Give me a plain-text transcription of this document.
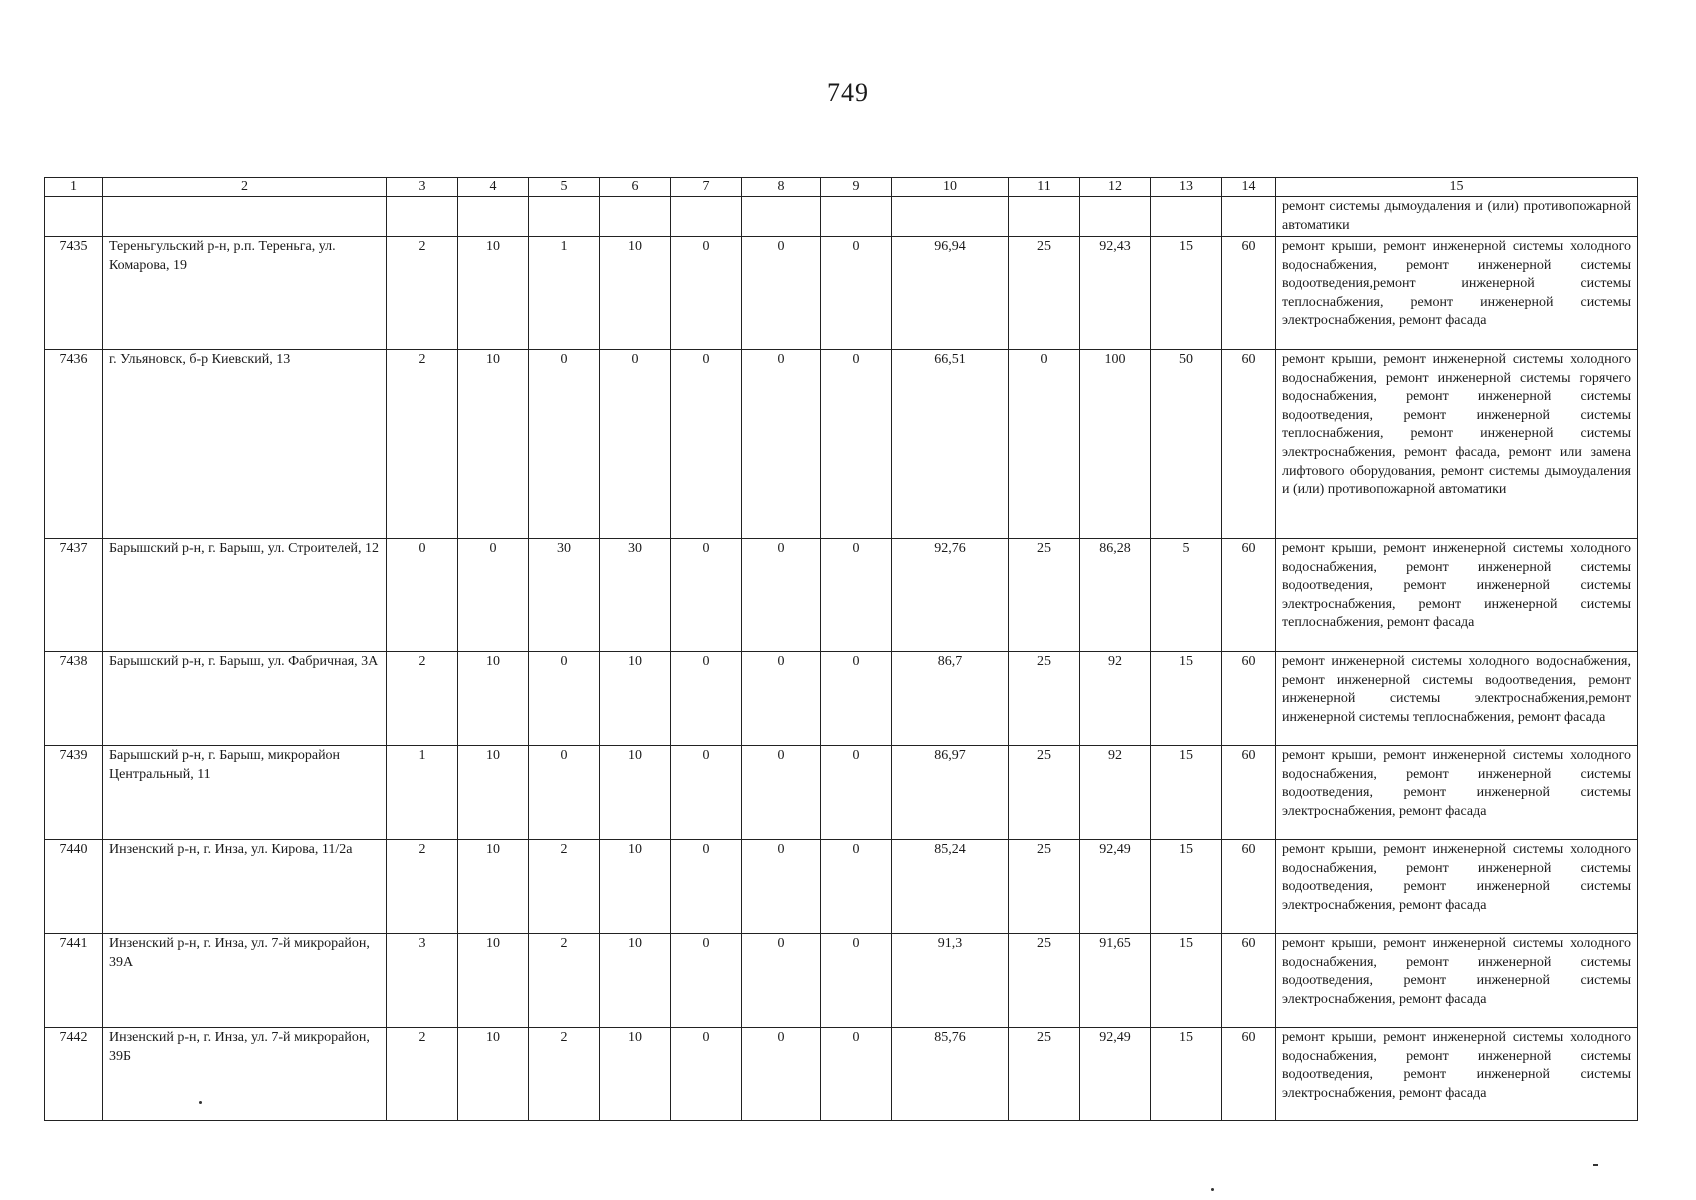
749
1	2	3	4	5	6	7	8	9	10	11	12	13	14	15
														ремонт системы дымоудаления и (или) противопожарной автоматики
7435	Тереньгульский р-н, р.п. Тереньга, ул. Комарова, 19	2	10	1	10	0	0	0	96,94	25	92,43	15	60	ремонт крыши, ремонт инженерной системы холодного водоснабжения, ремонт инженерной системы водоотведения,ремонт инженерной системы теплоснабжения, ремонт инженерной системы электроснабжения, ремонт фасада
7436	г. Ульяновск, б-р Киевский, 13	2	10	0	0	0	0	0	66,51	0	100	50	60	ремонт крыши, ремонт инженерной системы холодного водоснабжения, ремонт инженерной системы горячего водоснабжения, ремонт инженерной системы водоотведения, ремонт инженерной системы теплоснабжения, ремонт инженерной системы электроснабжения, ремонт фасада, ремонт или замена лифтового оборудования, ремонт системы дымоудаления и (или) противопожарной автоматики
7437	Барышский р-н, г. Барыш, ул. Строителей, 12	0	0	30	30	0	0	0	92,76	25	86,28	5	60	ремонт крыши, ремонт инженерной системы холодного водоснабжения, ремонт инженерной системы водоотведения, ремонт инженерной системы электроснабжения, ремонт инженерной системы теплоснабжения, ремонт фасада
7438	Барышский р-н, г. Барыш, ул. Фабричная, 3А	2	10	0	10	0	0	0	86,7	25	92	15	60	ремонт инженерной системы холодного водоснабжения, ремонт инженерной системы водоотведения, ремонт инженерной системы электроснабжения,ремонт инженерной системы теплоснабжения, ремонт фасада
7439	Барышский р-н, г. Барыш, микрорайон Центральный, 11	1	10	0	10	0	0	0	86,97	25	92	15	60	ремонт крыши, ремонт инженерной системы холодного водоснабжения, ремонт инженерной системы водоотведения, ремонт инженерной системы электроснабжения, ремонт фасада
7440	Инзенский р-н, г. Инза, ул. Кирова, 11/2а	2	10	2	10	0	0	0	85,24	25	92,49	15	60	ремонт крыши, ремонт инженерной системы холодного водоснабжения, ремонт инженерной системы водоотведения, ремонт инженерной системы электроснабжения, ремонт фасада
7441	Инзенский р-н, г. Инза, ул. 7-й микрорайон, 39А	3	10	2	10	0	0	0	91,3	25	91,65	15	60	ремонт крыши, ремонт инженерной системы холодного водоснабжения, ремонт инженерной системы водоотведения, ремонт инженерной системы электроснабжения, ремонт фасада
7442	Инзенский р-н, г. Инза, ул. 7-й микрорайон, 39Б	2	10	2	10	0	0	0	85,76	25	92,49	15	60	ремонт крыши, ремонт инженерной системы холодного водоснабжения, ремонт инженерной системы водоотведения, ремонт инженерной системы электроснабжения, ремонт фасада
